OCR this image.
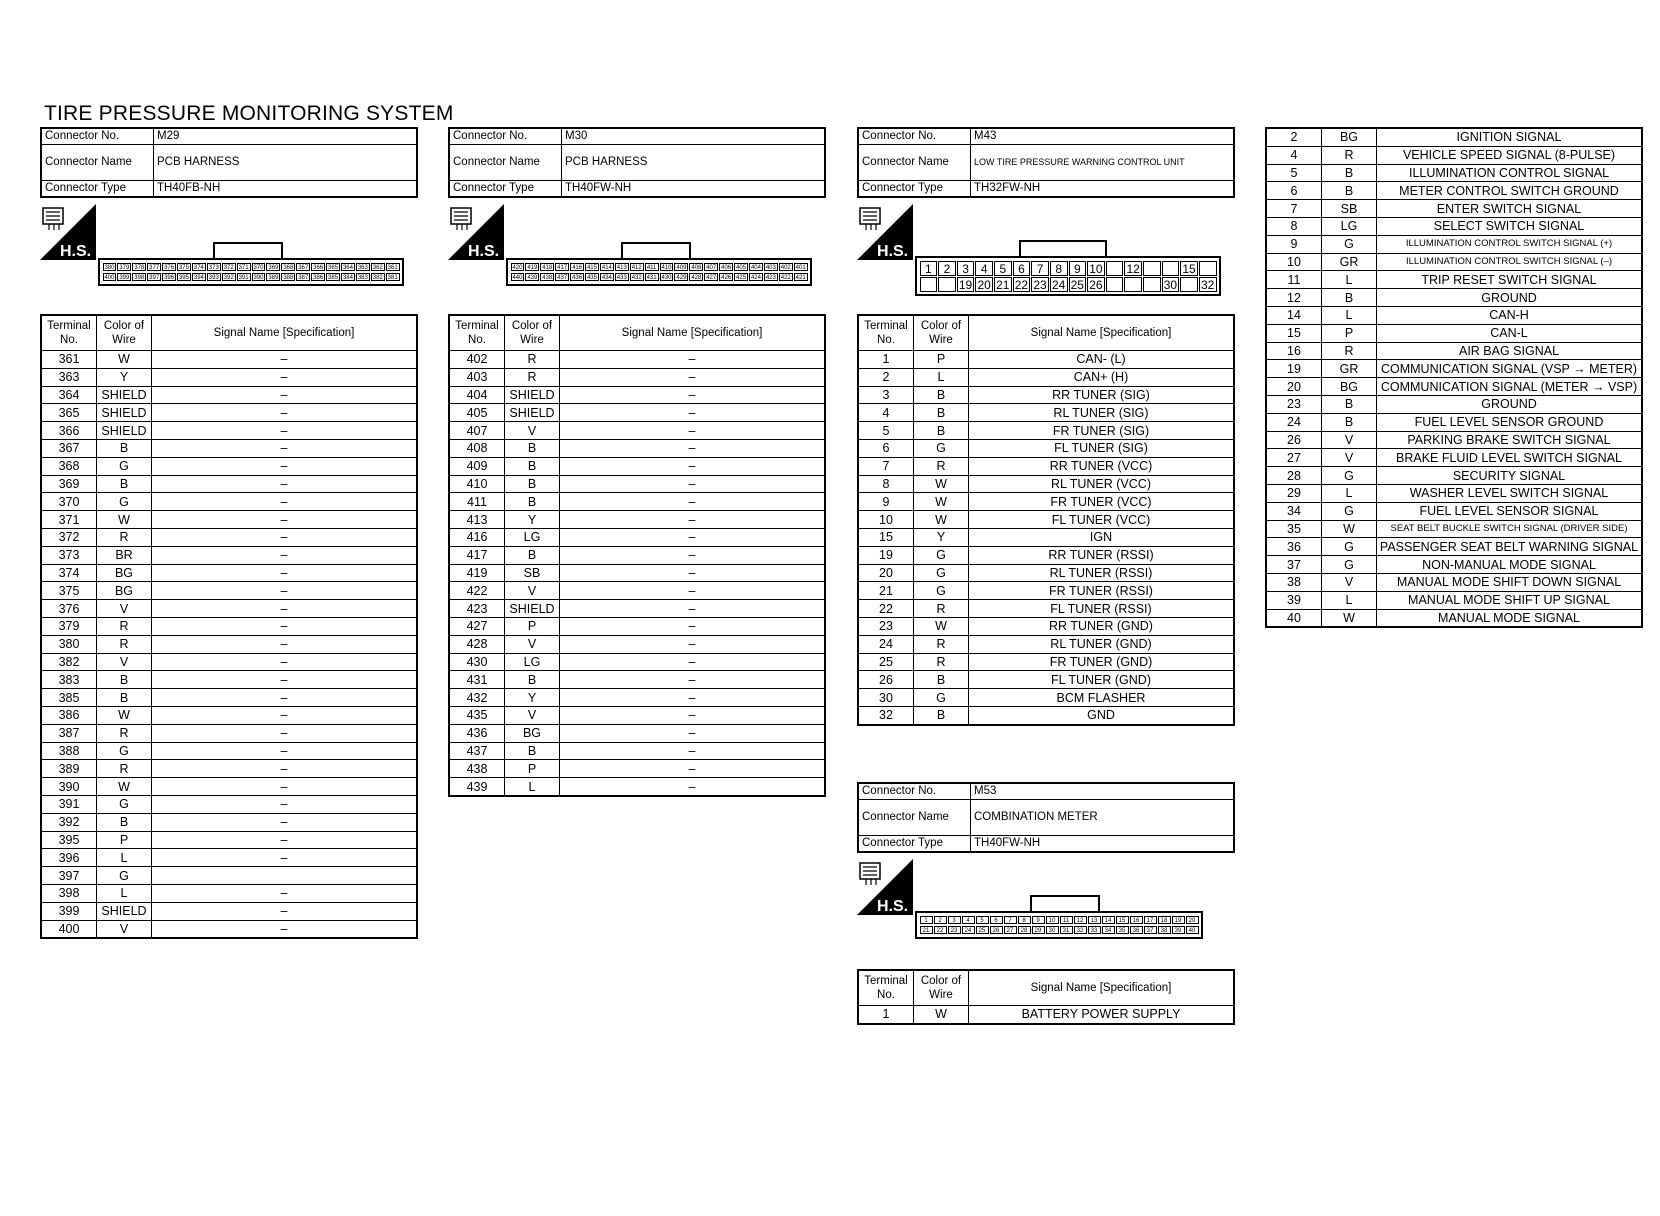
TIRE PRESSURE MONITORING SYSTEM
Connector No.	M29
Connector Name	PCB HARNESS
Connector Type	TH40FB-NH
H.S.
380 379 378 377 376 375 374 373 372 371 370 369 368 367 366 365 364 363 362 361
400 399 398 397 396 395 394 393 392 391 390 389 388 387 386 385 384 383 382 381
Terminal No.	Color of Wire	Signal Name [Specification]
361	W	–
363	Y	–
364	SHIELD	–
365	SHIELD	–
366	SHIELD	–
367	B	–
368	G	–
369	B	–
370	G	–
371	W	–
372	R	–
373	BR	–
374	BG	–
375	BG	–
376	V	–
379	R	–
380	R	–
382	V	–
383	B	–
385	B	–
386	W	–
387	R	–
388	G	–
389	R	–
390	W	–
391	G	–
392	B	–
395	P	–
396	L	–
397	G	
398	L	–
399	SHIELD	–
400	V	–
Connector No.	M30
Connector Name	PCB HARNESS
Connector Type	TH40FW-NH
H.S.
420 419 418 417 416 415 414 413 412 411 410 409 408 407 406 405 404 403 402 401
440 439 438 437 436 435 434 433 432 431 430 429 428 427 426 425 424 423 422 421
Terminal No.	Color of Wire	Signal Name [Specification]
402	R	–
403	R	–
404	SHIELD	–
405	SHIELD	–
407	V	–
408	B	–
409	B	–
410	B	–
411	B	–
413	Y	–
416	LG	–
417	B	–
419	SB	–
422	V	–
423	SHIELD	–
427	P	–
428	V	–
430	LG	–
431	B	–
432	Y	–
435	V	–
436	BG	–
437	B	–
438	P	–
439	L	–
Connector No.	M43
Connector Name	LOW TIRE PRESSURE WARNING CONTROL UNIT
Connector Type	TH32FW-NH
H.S.
1 2 3 4 5 6 7 8 9 10 12	15
19 20 21 22 23 24 25 26	30 32
Terminal No.	Color of Wire	Signal Name [Specification]
1	P	CAN- (L)
2	L	CAN+ (H)
3	B	RR TUNER (SIG)
4	B	RL TUNER (SIG)
5	B	FR TUNER (SIG)
6	G	FL TUNER (SIG)
7	R	RR TUNER (VCC)
8	W	RL TUNER (VCC)
9	W	FR TUNER (VCC)
10	W	FL TUNER (VCC)
15	Y	IGN
19	G	RR TUNER (RSSI)
20	G	RL TUNER (RSSI)
21	G	FR TUNER (RSSI)
22	R	FL TUNER (RSSI)
23	W	RR TUNER (GND)
24	R	RL TUNER (GND)
25	R	FR TUNER (GND)
26	B	FL TUNER (GND)
30	G	BCM FLASHER
32	B	GND
Connector No.	M53
Connector Name	COMBINATION METER
Connector Type	TH40FW-NH
H.S.
1	2	3	4	5	6	7	8	9	10	11	12	13	14	15	16	17	18	19	20
21	22	23	24	25	26	27	28	29	30	31	32	33	34	35	36	37	38	39	40
Terminal No.	Color of Wire	Signal Name [Specification]
1	W	BATTERY POWER SUPPLY
2	BG	IGNITION SIGNAL
4	R	VEHICLE SPEED SIGNAL (8-PULSE)
5	B	ILLUMINATION CONTROL SIGNAL
6	B	METER CONTROL SWITCH GROUND
7	SB	ENTER SWITCH SIGNAL
8	LG	SELECT SWITCH SIGNAL
9	G	ILLUMINATION CONTROL SWITCH SIGNAL (+)
10	GR	ILLUMINATION CONTROL SWITCH SIGNAL (–)
11	L	TRIP RESET SWITCH SIGNAL
12	B	GROUND
14	L	CAN-H
15	P	CAN-L
16	R	AIR BAG SIGNAL
19	GR	COMMUNICATION SIGNAL (VSP → METER)
20	BG	COMMUNICATION SIGNAL (METER → VSP)
23	B	GROUND
24	B	FUEL LEVEL SENSOR GROUND
26	V	PARKING BRAKE SWITCH SIGNAL
27	V	BRAKE FLUID LEVEL SWITCH SIGNAL
28	G	SECURITY SIGNAL
29	L	WASHER LEVEL SWITCH SIGNAL
34	G	FUEL LEVEL SENSOR SIGNAL
35	W	SEAT BELT BUCKLE SWITCH SIGNAL (DRIVER SIDE)
36	G	PASSENGER SEAT BELT WARNING SIGNAL
37	G	NON-MANUAL MODE SIGNAL
38	V	MANUAL MODE SHIFT DOWN SIGNAL
39	L	MANUAL MODE SHIFT UP SIGNAL
40	W	MANUAL MODE SIGNAL
